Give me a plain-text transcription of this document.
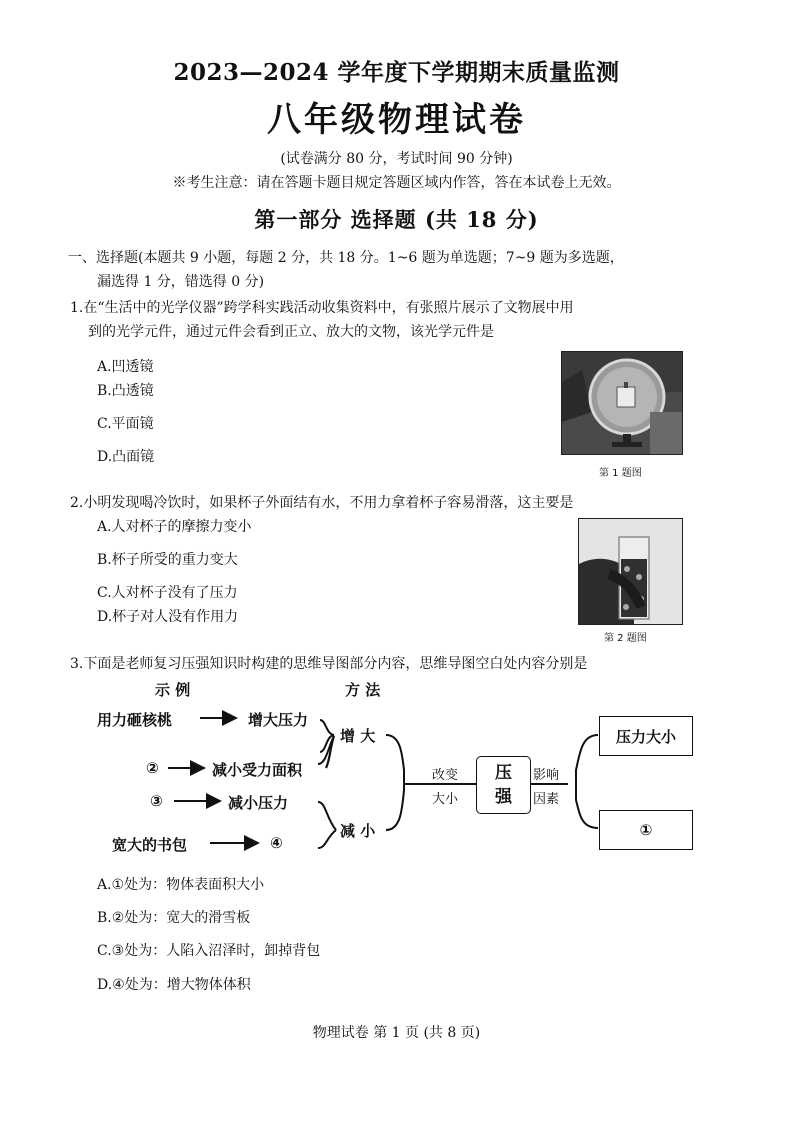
2023—2024 学年度下学期期末质量监测
八年级物理试卷
(试卷满分 80 分，考试时间 90 分钟)
※考生注意：请在答题卡题目规定答题区域内作答，答在本试卷上无效。
第一部分 选择题 (共 18 分)
一、选择题(本题共 9 小题，每题 2 分，共 18 分。1~6 题为单选题；7~9 题为多选题，
漏选得 1 分，错选得 0 分)
1.在“生活中的光学仪器”跨学科实践活动收集资料中，有张照片展示了文物展中用
到的光学元件，通过元件会看到正立、放大的文物，该光学元件是
A.凹透镜
B.凸透镜
C.平面镜
D.凸面镜
第 1 题图
2.小明发现喝冷饮时，如果杯子外面结有水，不用力拿着杯子容易滑落，这主要是
A.人对杯子的摩擦力变小
B.杯子所受的重力变大
C.人对杯子没有了压力
D.杯子对人没有作用力
第 2 题图
3.下面是老师复习压强知识时构建的思维导图部分内容，思维导图空白处内容分别是
示 例	方 法
用力砸核桃
②
③
宽大的书包
增大压力
减小受力面积
减小压力
④
增 大
减 小
改变
大小
压
强
影响
因素
压力大小
①
A.①处为：物体表面积大小
B.②处为：宽大的滑雪板
C.③处为：人陷入沼泽时，卸掉背包
D.④处为：增大物体体积
物理试卷 第 1 页 (共 8 页)
